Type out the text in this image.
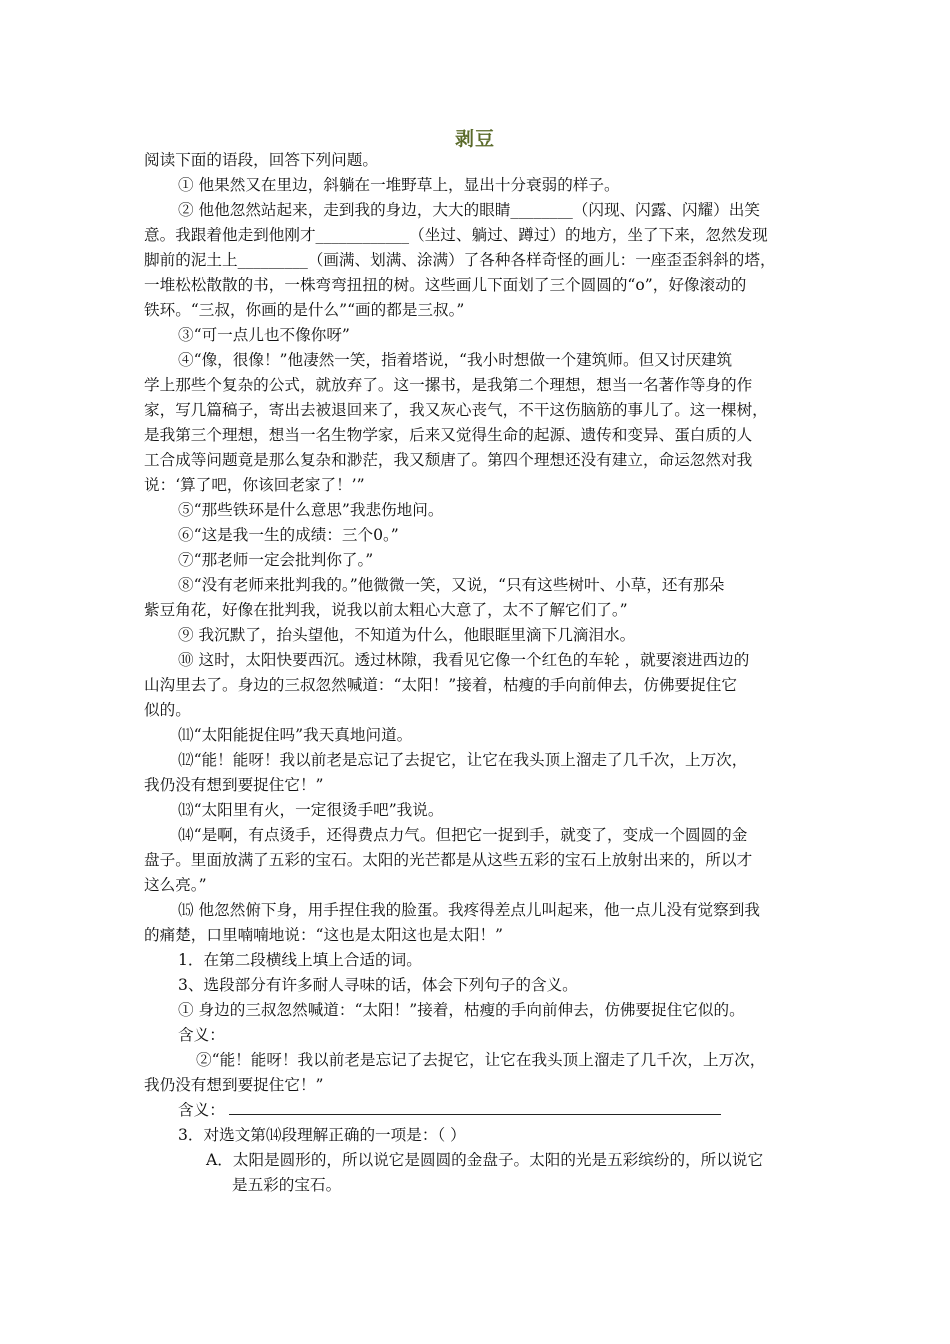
剥豆
阅读下面的语段，回答下列问题。
① 他果然又在里边，斜躺在一堆野草上，显出十分衰弱的样子。
② 他他忽然站起来，走到我的身边，大大的眼睛________（闪现、闪露、闪耀）出笑
意。我跟着他走到他刚才____________（坐过、躺过、蹲过）的地方，坐了下来，忽然发现
脚前的泥土上_________（画满、划满、涂满）了各种各样奇怪的画儿：一座歪歪斜斜的塔，
一堆松松散散的书，一株弯弯扭扭的树。这些画儿下面划了三个圆圆的“o”，好像滚动的
铁环。“三叔，你画的是什么”“画的都是三叔。”
③“可一点儿也不像你呀”
④“像，很像！”他凄然一笑，指着塔说，“我小时想做一个建筑师。但又讨厌建筑
学上那些个复杂的公式，就放弃了。这一摞书，是我第二个理想，想当一名著作等身的作
家，写几篇稿子，寄出去被退回来了，我又灰心丧气，不干这伤脑筋的事儿了。这一棵树，
是我第三个理想，想当一名生物学家，后来又觉得生命的起源、遗传和变异、蛋白质的人
工合成等问题竟是那么复杂和渺茫，我又颓唐了。第四个理想还没有建立，命运忽然对我
说：‘算了吧，你该回老家了！’”
⑤“那些铁环是什么意思”我悲伤地问。
⑥“这是我一生的成绩：三个0。”
⑦“那老师一定会批判你了。”
⑧“没有老师来批判我的。”他微微一笑，又说，“只有这些树叶、小草，还有那朵
紫豆角花，好像在批判我，说我以前太粗心大意了，太不了解它们了。”
⑨ 我沉默了，抬头望他，不知道为什么，他眼眶里滴下几滴泪水。
⑩ 这时，太阳快要西沉。透过林隙，我看见它像一个红色的车轮 ，就要滚进西边的
山沟里去了。身边的三叔忽然喊道：“太阳！”接着，枯瘦的手向前伸去，仿佛要捉住它
似的。
⑾“太阳能捉住吗”我天真地问道。
⑿“能！能呀！我以前老是忘记了去捉它，让它在我头顶上溜走了几千次，上万次，
我仍没有想到要捉住它！”
⒀“太阳里有火，一定很烫手吧”我说。
⒁“是啊，有点烫手，还得费点力气。但把它一捉到手，就变了，变成一个圆圆的金
盘子。里面放满了五彩的宝石。太阳的光芒都是从这些五彩的宝石上放射出来的，所以才
这么亮。”
⒂ 他忽然俯下身，用手捏住我的脸蛋。我疼得差点儿叫起来，他一点儿没有觉察到我
的痛楚，口里喃喃地说：“这也是太阳这也是太阳！”
1．在第二段横线上填上合适的词。
3、选段部分有许多耐人寻味的话，体会下列句子的含义。
① 身边的三叔忽然喊道：“太阳！”接着，枯瘦的手向前伸去，仿佛要捉住它似的。
含义：
②“能！能呀！我以前老是忘记了去捉它，让它在我头顶上溜走了几千次，上万次，
我仍没有想到要捉住它！”
含义：
3．对选文第⒁段理解正确的一项是：（ ）
A．太阳是圆形的，所以说它是圆圆的金盘子。太阳的光是五彩缤纷的，所以说它
是五彩的宝石。
